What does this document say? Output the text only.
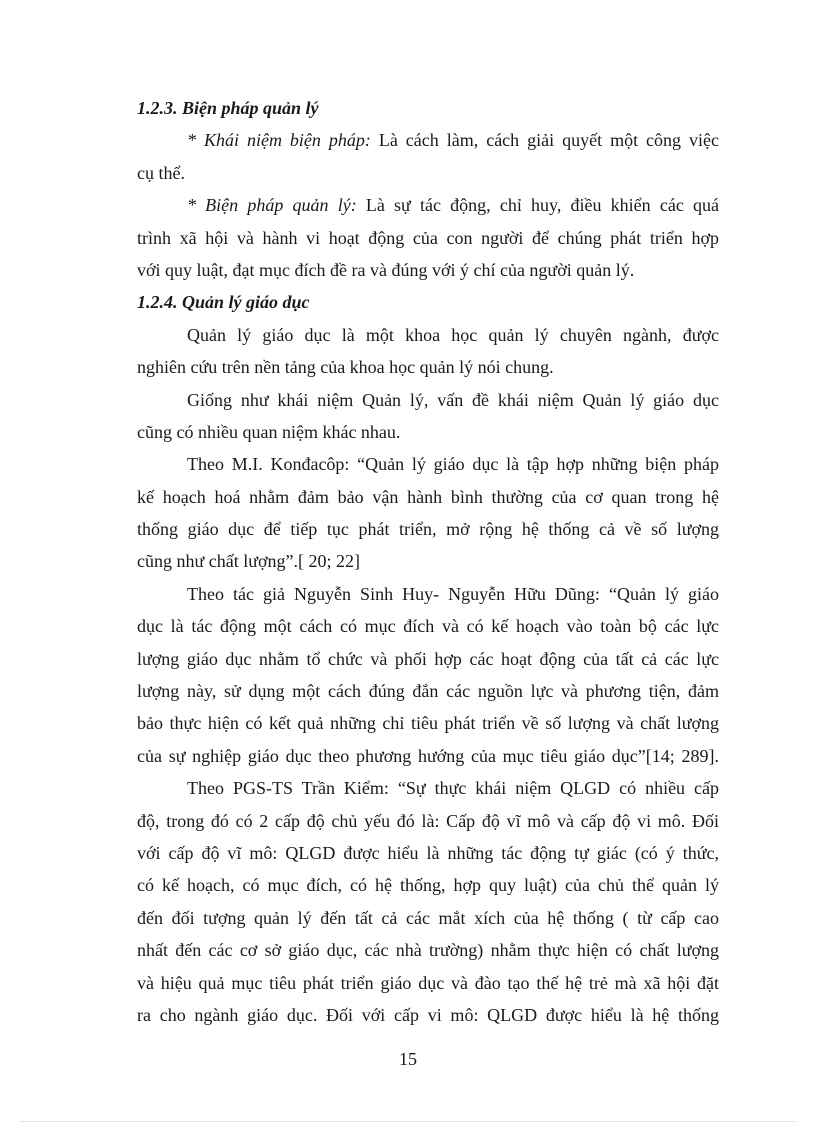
1.2.3. Biện pháp quản lý
* Khái niệm biện pháp: Là cách làm, cách giải quyết một công việc
cụ thể.
* Biện pháp quản lý: Là sự tác động, chỉ huy, điều khiển các quá
trình xã hội và hành vi hoạt động của con người để chúng phát triển hợp
với quy luật, đạt mục đích đề ra và đúng với ý chí của người quản lý.
1.2.4. Quản lý giáo dục
Quản lý giáo dục là một khoa học quản lý chuyên ngành, được
nghiên cứu trên nền tảng của khoa học quản lý nói chung.
Giống như khái niệm Quản lý, vấn đề khái niệm Quản lý giáo dục
cũng có nhiều quan niệm khác nhau.
Theo M.I. Konđacôp: “Quản lý giáo dục là tập hợp những biện pháp
kế hoạch hoá nhằm đảm bảo vận hành bình thường của cơ quan trong hệ
thống giáo dục để tiếp tục phát triển, mở rộng hệ thống cả về số lượng
cũng như chất lượng”.[ 20; 22]
Theo tác giả Nguyễn Sinh Huy- Nguyễn Hữu Dũng: “Quản lý giáo
dục là tác động một cách có mục đích và có kế hoạch vào toàn bộ các lực
lượng giáo dục nhằm tổ chức và phối hợp các hoạt động của tất cả các lực
lượng này, sử dụng một cách đúng đắn các nguồn lực và phương tiện, đảm
bảo thực hiện có kết quả những chỉ tiêu phát triển về số lượng và chất lượng
của sự nghiệp giáo dục theo phương hướng của mục tiêu giáo dục”[14; 289].
Theo PGS-TS Trần Kiểm: “Sự thực khái niệm QLGD có nhiều cấp
độ, trong đó có 2 cấp độ chủ yếu đó là: Cấp độ vĩ mô và cấp độ vi mô. Đối
với cấp độ vĩ mô: QLGD được hiểu là những tác động tự giác (có ý thức,
có kế hoạch, có mục đích, có hệ thống, hợp quy luật) của chủ thể quản lý
đến đối tượng quản lý đến tất cả các mắt xích của hệ thống ( từ cấp cao
nhất đến các cơ sở giáo dục, các nhà trường) nhằm thực hiện có chất lượng
và hiệu quả mục tiêu phát triển giáo dục và đào tạo thế hệ trẻ mà xã hội đặt
ra cho ngành giáo dục. Đối với cấp vi mô: QLGD được hiểu là hệ thống
15
